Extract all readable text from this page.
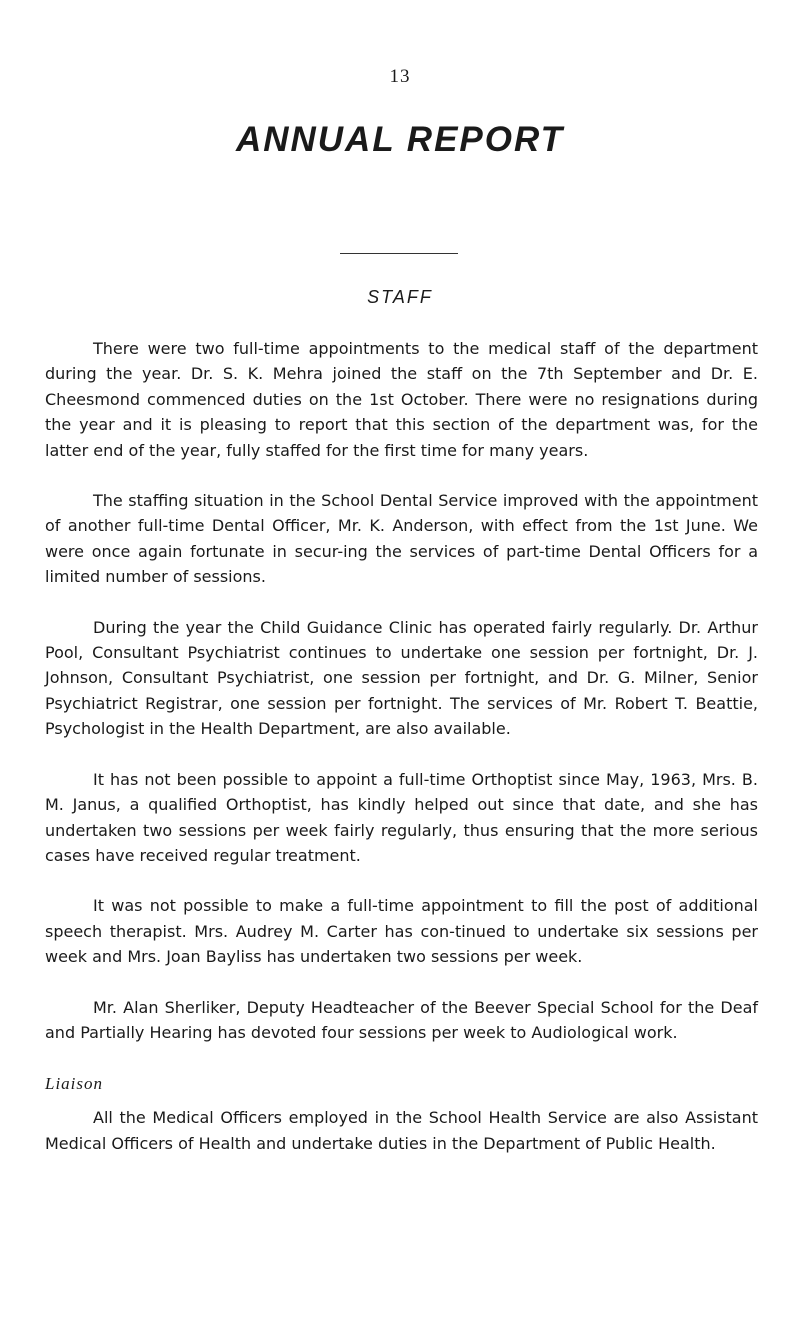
13
ANNUAL REPORT
STAFF

There were two full-time appointments to the medical staff of the department during the year. Dr. S. K. Mehra joined the staff on the 7th September and Dr. E. Cheesmond commenced duties on the 1st October. There were no resignations during the year and it is pleasing to report that this section of the department was, for the latter end of the year, fully staffed for the first time for many years.

The staffing situation in the School Dental Service improved with the appointment of another full-time Dental Officer, Mr. K. Anderson, with effect from the 1st June. We were once again fortunate in secur-ing the services of part-time Dental Officers for a limited number of sessions.

During the year the Child Guidance Clinic has operated fairly regularly. Dr. Arthur Pool, Consultant Psychiatrist continues to undertake one session per fortnight, Dr. J. Johnson, Consultant Psychiatrist, one session per fortnight, and Dr. G. Milner, Senior Psychiatrict Registrar, one session per fortnight. The services of Mr. Robert T. Beattie, Psychologist in the Health Department, are also available.

It has not been possible to appoint a full-time Orthoptist since May, 1963, Mrs. B. M. Janus, a qualified Orthoptist, has kindly helped out since that date, and she has undertaken two sessions per week fairly regularly, thus ensuring that the more serious cases have received regular treatment.

It was not possible to make a full-time appointment to fill the post of additional speech therapist. Mrs. Audrey M. Carter has con-tinued to undertake six sessions per week and Mrs. Joan Bayliss has undertaken two sessions per week.

Mr. Alan Sherliker, Deputy Headteacher of the Beever Special School for the Deaf and Partially Hearing has devoted four sessions per week to Audiological work.

Liaison

All the Medical Officers employed in the School Health Service are also Assistant Medical Officers of Health and undertake duties in the Department of Public Health.
